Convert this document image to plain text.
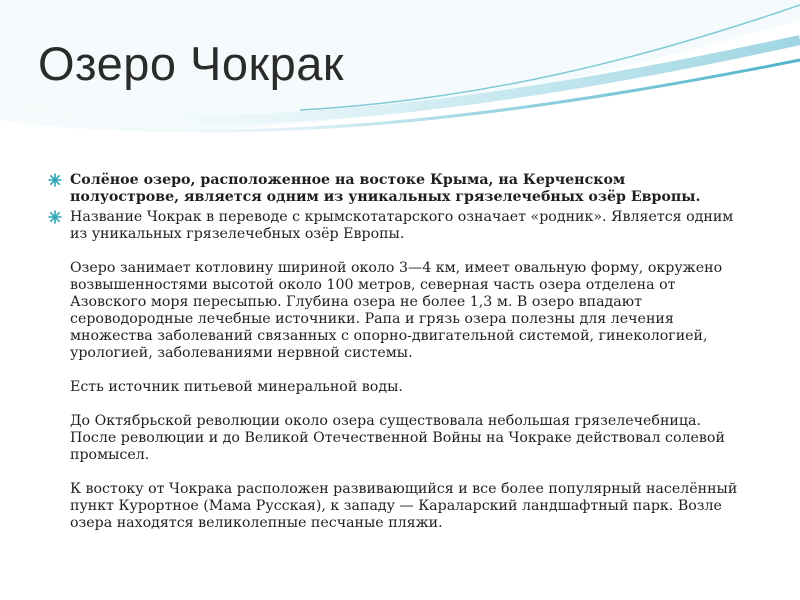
Озеро Чокрак

Солёное озеро, расположенное на востоке Крыма, на Керченском полуострове, является одним из уникальных грязелечебных озёр Европы.

Название Чокрак в переводе с крымскотатарского означает «родник». Является одним из уникальных грязелечебных озёр Европы.

Озеро занимает котловину шириной около 3—4 км, имеет овальную форму, окружено возвышенностями высотой около 100 метров, северная часть озера отделена от Азовского моря пересыпью. Глубина озера не более 1,3 м. В озеро впадают сероводородные лечебные источники. Рапа и грязь озера полезны для лечения множества заболеваний связанных с опорно-двигательной системой, гинекологией, урологией, заболеваниями нервной системы.

Есть источник питьевой минеральной воды.

До Октябрьской революции около озера существовала небольшая грязелечебница. После революции и до Великой Отечественной Войны на Чокраке действовал солевой промысел.

К востоку от Чокрака расположен развивающийся и все более популярный населённый пункт Курортное (Мама Русская), к западу — Караларский ландшафтный парк. Возле озера находятся великолепные песчаные пляжи.
